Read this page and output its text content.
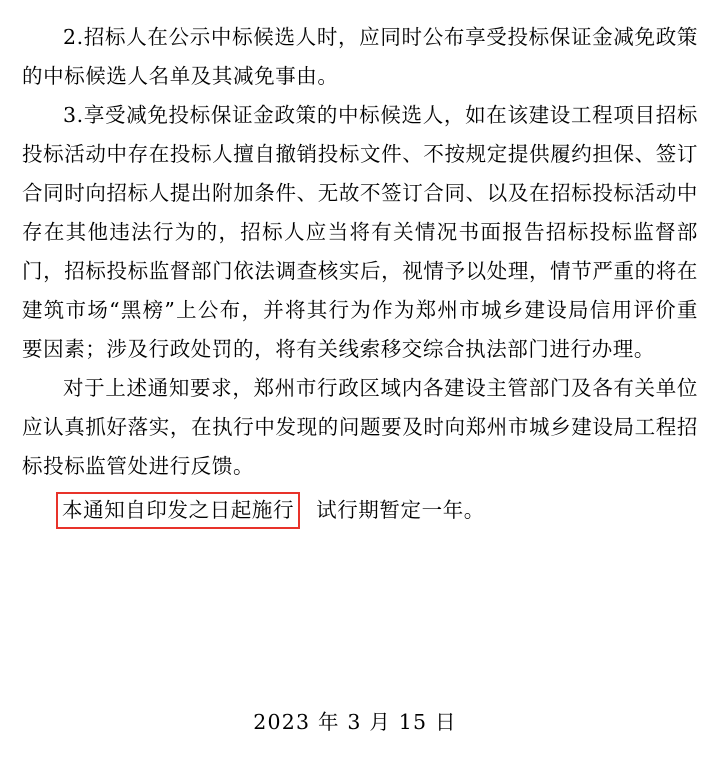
2.招标人在公示中标候选人时，应同时公布享受投标保证金减免政策的中标候选人名单及其减免事由。

3.享受减免投标保证金政策的中标候选人，如在该建设工程项目招标投标活动中存在投标人擅自撤销投标文件、不按规定提供履约担保、签订合同时向招标人提出附加条件、无故不签订合同、以及在招标投标活动中存在其他违法行为的，招标人应当将有关情况书面报告招标投标监督部门，招标投标监督部门依法调查核实后，视情予以处理，情节严重的将在建筑市场“黑榜”上公布，并将其行为作为郑州市城乡建设局信用评价重要因素；涉及行政处罚的，将有关线索移交综合执法部门进行办理。

对于上述通知要求，郑州市行政区域内各建设主管部门及各有关单位应认真抓好落实，在执行中发现的问题要及时向郑州市城乡建设局工程招标投标监管处进行反馈。

本通知自印发之日起施行 试行期暂定一年。
2023 年 3 月 15 日
